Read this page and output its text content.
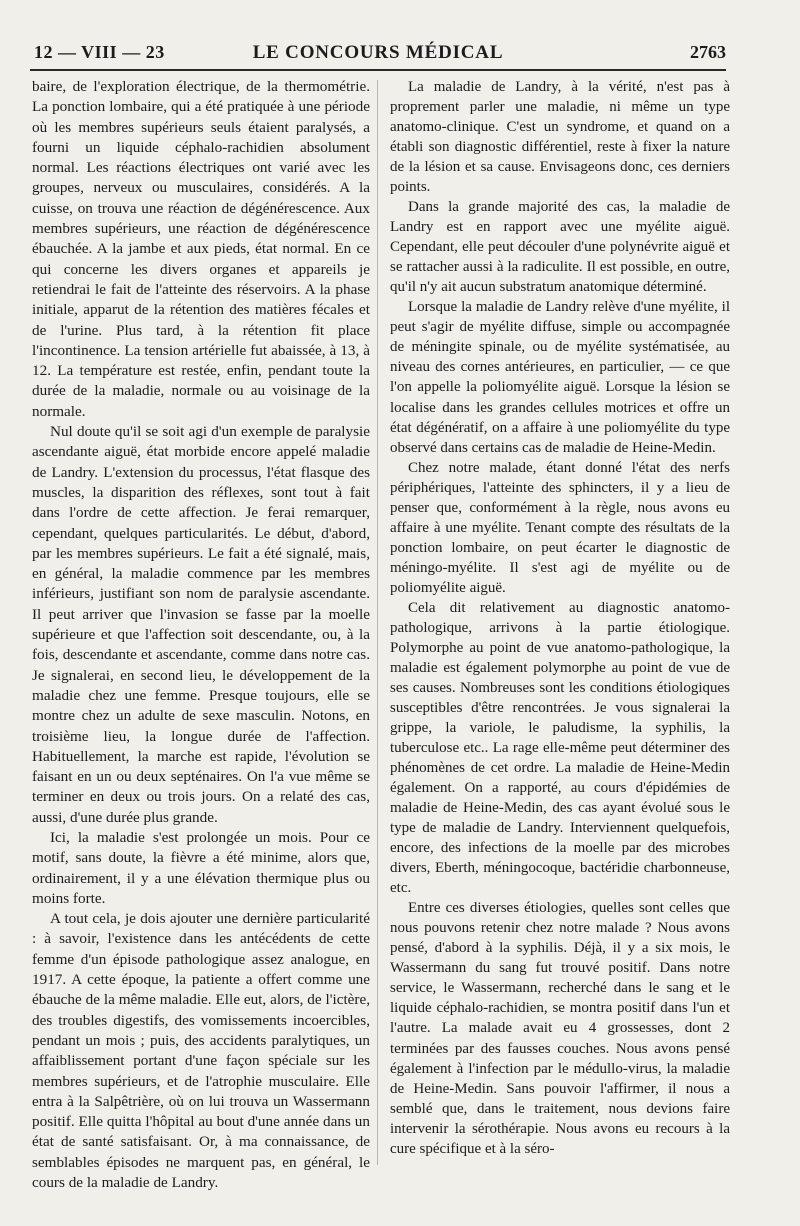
12 — VIII — 23	LE CONCOURS MÉDICAL	2763

baire, de l'exploration électrique, de la thermométrie. La ponction lombaire, qui a été pratiquée à une période où les membres supérieurs seuls étaient paralysés, a fourni un liquide céphalo-rachidien absolument normal. Les réactions électriques ont varié avec les groupes, nerveux ou musculaires, considérés. A la cuisse, on trouva une réaction de dégénérescence. Aux membres supérieurs, une réaction de dégénérescence ébauchée. A la jambe et aux pieds, état normal. En ce qui concerne les divers organes et appareils je retiendrai le fait de l'atteinte des réservoirs. A la phase initiale, apparut de la rétention des matières fécales et de l'urine. Plus tard, à la rétention fit place l'incontinence. La tension artérielle fut abaissée, à 13, à 12. La température est restée, enfin, pendant toute la durée de la maladie, normale ou au voisinage de la normale.

Nul doute qu'il se soit agi d'un exemple de paralysie ascendante aiguë, état morbide encore appelé maladie de Landry. L'extension du processus, l'état flasque des muscles, la disparition des réflexes, sont tout à fait dans l'ordre de cette affection. Je ferai remarquer, cependant, quelques particularités. Le début, d'abord, par les membres supérieurs. Le fait a été signalé, mais, en général, la maladie commence par les membres inférieurs, justifiant son nom de paralysie ascendante. Il peut arriver que l'invasion se fasse par la moelle supérieure et que l'affection soit descendante, ou, à la fois, descendante et ascendante, comme dans notre cas. Je signalerai, en second lieu, le développement de la maladie chez une femme. Presque toujours, elle se montre chez un adulte de sexe masculin. Notons, en troisième lieu, la longue durée de l'affection. Habituellement, la marche est rapide, l'évolution se faisant en un ou deux septénaires. On l'a vue même se terminer en deux ou trois jours. On a relaté des cas, aussi, d'une durée plus grande.

Ici, la maladie s'est prolongée un mois. Pour ce motif, sans doute, la fièvre a été minime, alors que, ordinairement, il y a une élévation thermique plus ou moins forte.

A tout cela, je dois ajouter une dernière particularité : à savoir, l'existence dans les antécédents de cette femme d'un épisode pathologique assez analogue, en 1917. A cette époque, la patiente a offert comme une ébauche de la même maladie. Elle eut, alors, de l'ictère, des troubles digestifs, des vomissements incoercibles, pendant un mois ; puis, des accidents paralytiques, un affaiblissement portant d'une façon spéciale sur les membres supérieurs, et de l'atrophie musculaire. Elle entra à la Salpêtrière, où on lui trouva un Wassermann positif. Elle quitta l'hôpital au bout d'une année dans un état de santé satisfaisant. Or, à ma connaissance, de semblables épisodes ne marquent pas, en général, le cours de la maladie de Landry.

La maladie de Landry, à la vérité, n'est pas à proprement parler une maladie, ni même un type anatomo-clinique. C'est un syndrome, et quand on a établi son diagnostic différentiel, reste à fixer la nature de la lésion et sa cause. Envisageons donc, ces derniers points.

Dans la grande majorité des cas, la maladie de Landry est en rapport avec une myélite aiguë. Cependant, elle peut découler d'une polynévrite aiguë et se rattacher aussi à la radiculite. Il est possible, en outre, qu'il n'y ait aucun substratum anatomique déterminé.

Lorsque la maladie de Landry relève d'une myélite, il peut s'agir de myélite diffuse, simple ou accompagnée de méningite spinale, ou de myélite systématisée, au niveau des cornes antérieures, en particulier, — ce que l'on appelle la poliomyélite aiguë. Lorsque la lésion se localise dans les grandes cellules motrices et offre un état dégénératif, on a affaire à une poliomyélite du type observé dans certains cas de maladie de Heine-Medin.

Chez notre malade, étant donné l'état des nerfs périphériques, l'atteinte des sphincters, il y a lieu de penser que, conformément à la règle, nous avons eu affaire à une myélite. Tenant compte des résultats de la ponction lombaire, on peut écarter le diagnostic de méningo-myélite. Il s'est agi de myélite ou de poliomyélite aiguë.

Cela dit relativement au diagnostic anatomo-pathologique, arrivons à la partie étiologique. Polymorphe au point de vue anatomo-pathologique, la maladie est également polymorphe au point de vue de ses causes. Nombreuses sont les conditions étiologiques susceptibles d'être rencontrées. Je vous signalerai la grippe, la variole, le paludisme, la syphilis, la tuberculose etc.. La rage elle-même peut déterminer des phénomènes de cet ordre. La maladie de Heine-Medin également. On a rapporté, au cours d'épidémies de maladie de Heine-Medin, des cas ayant évolué sous le type de maladie de Landry. Interviennent quelquefois, encore, des infections de la moelle par des microbes divers, Eberth, méningocoque, bactéridie charbonneuse, etc.

Entre ces diverses étiologies, quelles sont celles que nous pouvons retenir chez notre malade ? Nous avons pensé, d'abord à la syphilis. Déjà, il y a six mois, le Wassermann du sang fut trouvé positif. Dans notre service, le Wassermann, recherché dans le sang et le liquide céphalo-rachidien, se montra positif dans l'un et l'autre. La malade avait eu 4 grossesses, dont 2 terminées par des fausses couches. Nous avons pensé également à l'infection par le médullo-virus, la maladie de Heine-Medin. Sans pouvoir l'affirmer, il nous a semblé que, dans le traitement, nous devions faire intervenir la sérothérapie. Nous avons eu recours à la cure spécifique et à la séro-
